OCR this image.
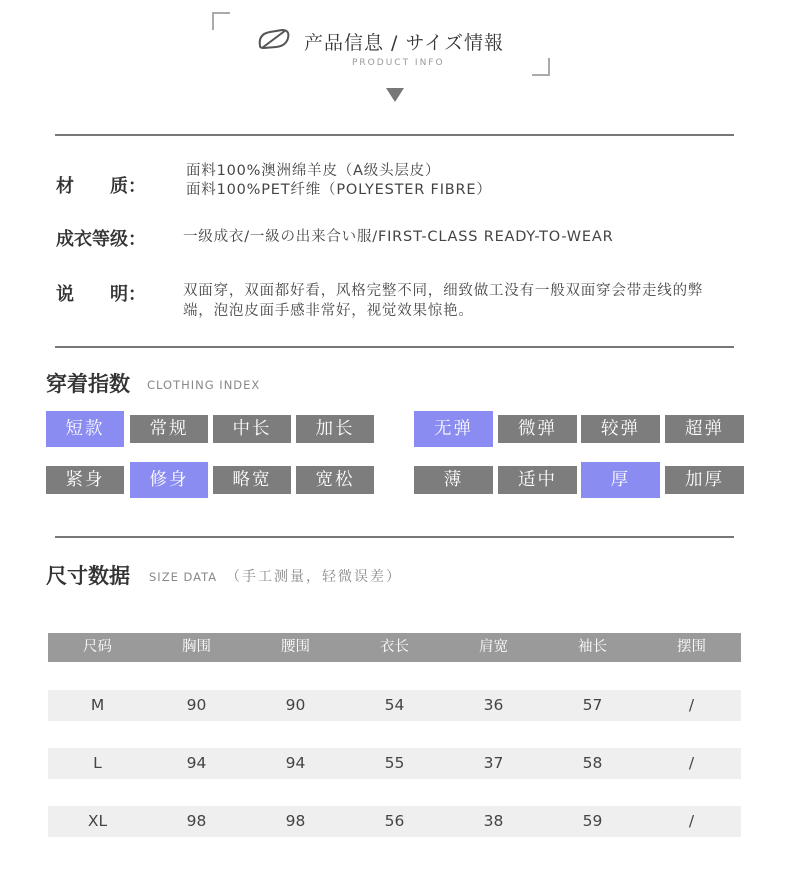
产品信息 / サイズ情報
PRODUCT INFO
材　　质：
面料100%澳洲绵羊皮（A级头层皮）
面料100%PET纤维（POLYESTER FIBRE）
成衣等级：	一级成衣/一級の出来合い服/FIRST-CLASS READY-TO-WEAR
说　　明：	双面穿，双面都好看，风格完整不同，细致做工没有一般双面穿会带走线的弊
端，泡泡皮面手感非常好，视觉效果惊艳。
穿着指数 CLOTHING INDEX
短款	常规	中长	加长	无弹	微弹	较弹	超弹
紧身	修身	略宽	宽松	薄	适中	厚	加厚
尺寸数据 SIZE DATA （手工测量，轻微误差）
尺码	胸围	腰围	衣长	肩宽	袖长	摆围
M	90	90	54	36	57	/
L	94	94	55	37	58	/
XL	98	98	56	38	59	/
